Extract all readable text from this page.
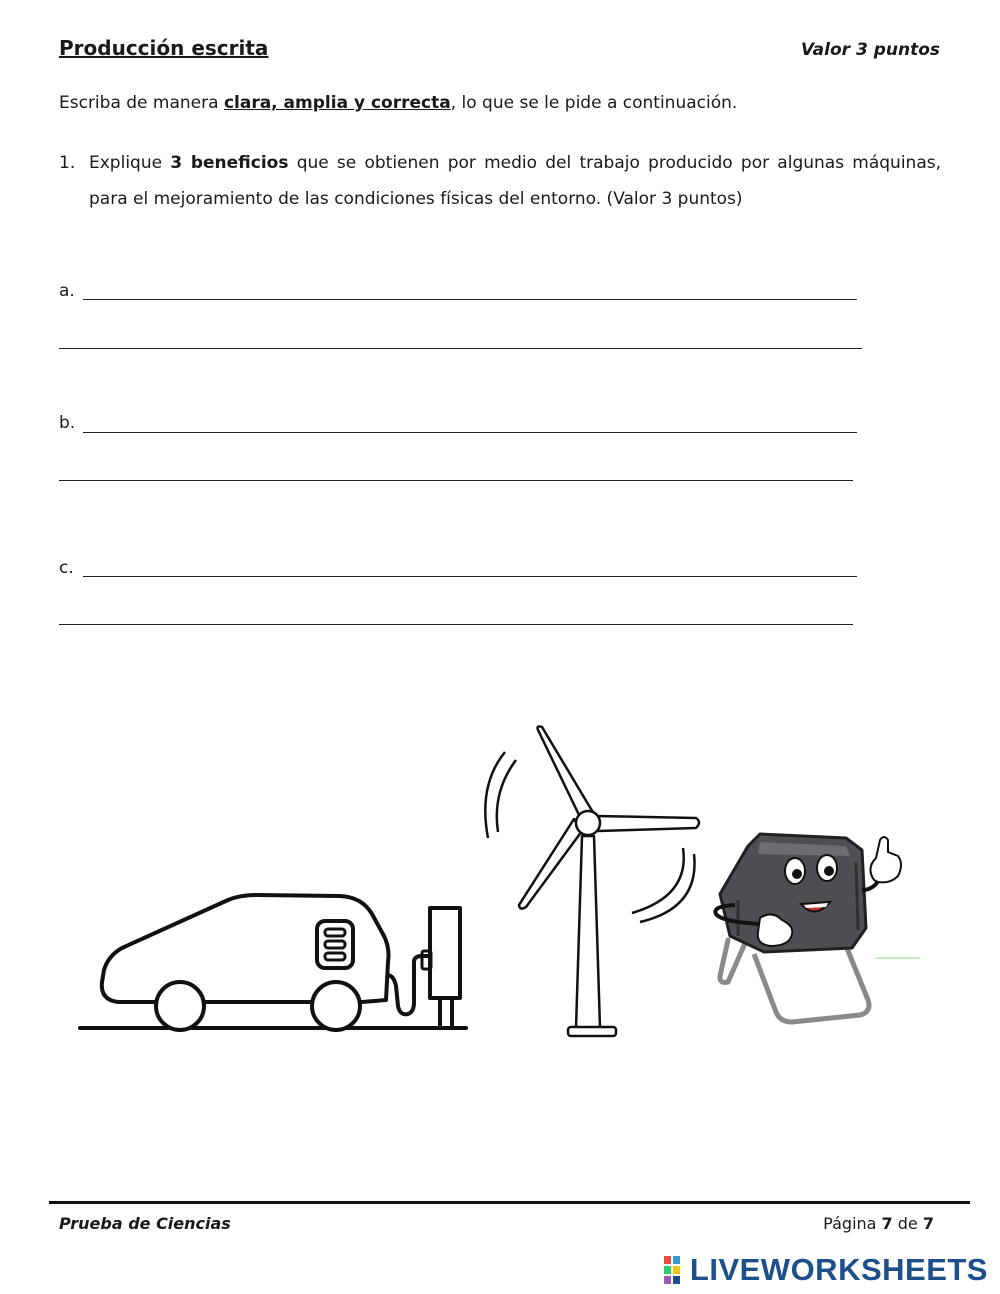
Producción escrita	Valor 3 puntos
Escriba de manera clara, amplia y correcta, lo que se le pide a continuación.
1. Explique 3 beneficios que se obtienen por medio del trabajo producido por algunas máquinas, para el mejoramiento de las condiciones físicas del entorno. (Valor 3 puntos)
a.
b.
c.
Prueba de Ciencias	Página 7 de 7
LIVEWORKSHEETS
